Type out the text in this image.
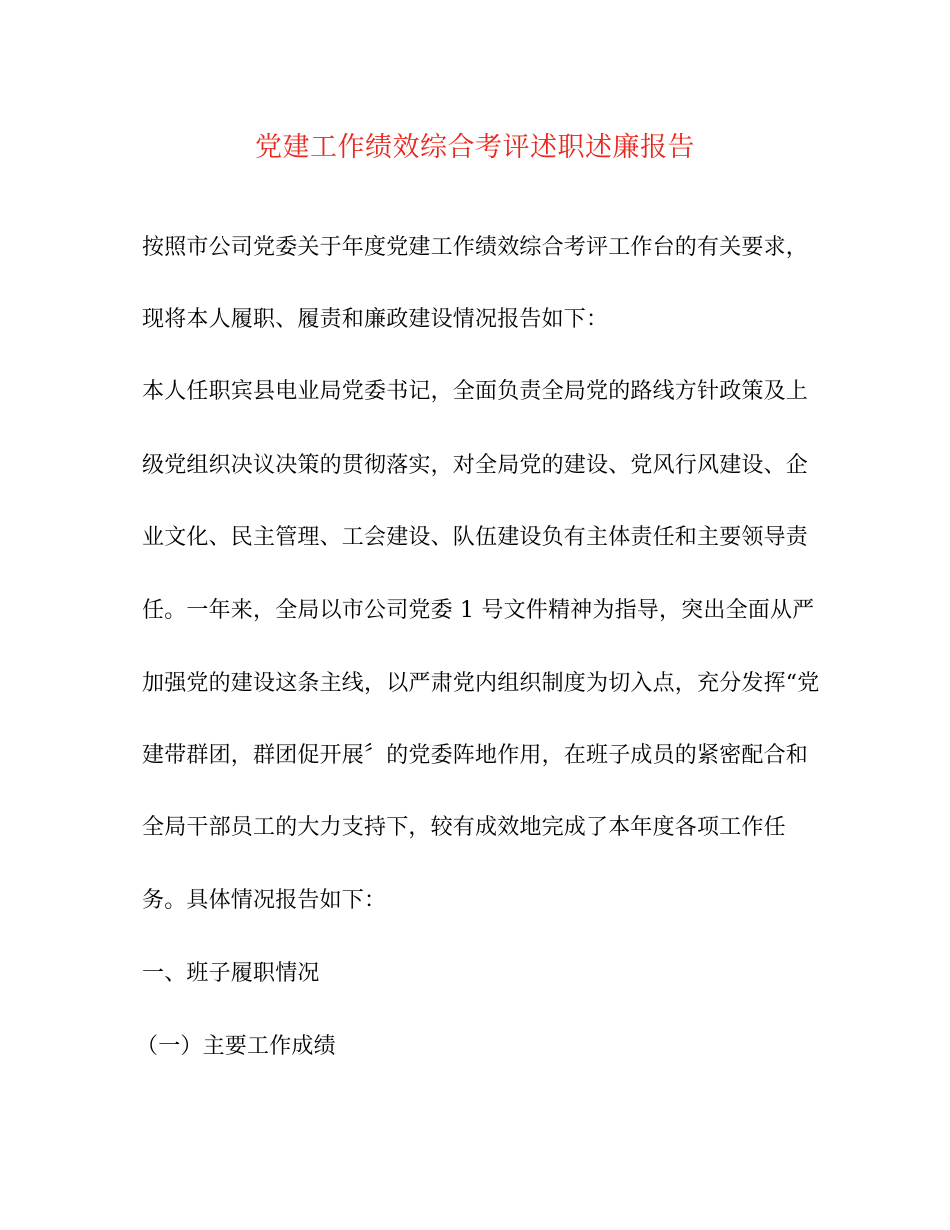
党建工作绩效综合考评述职述廉报告
按照市公司党委关于年度党建工作绩效综合考评工作台的有关要求，
现将本人履职、履责和廉政建设情况报告如下：
本人任职宾县电业局党委书记，全面负责全局党的路线方针政策及上
级党组织决议决策的贯彻落实，对全局党的建设、党风行风建设、企
业文化、民主管理、工会建设、队伍建设负有主体责任和主要领导责
任。一年来，全局以市公司党委 1 号文件精神为指导，突出全面从严
加强党的建设这条主线，以严肃党内组织制度为切入点，充分发挥“党
建带群团，群团促开展〞的党委阵地作用，在班子成员的紧密配合和
全局干部员工的大力支持下，较有成效地完成了本年度各项工作任
务。具体情况报告如下：
一、班子履职情况
（一）主要工作成绩
